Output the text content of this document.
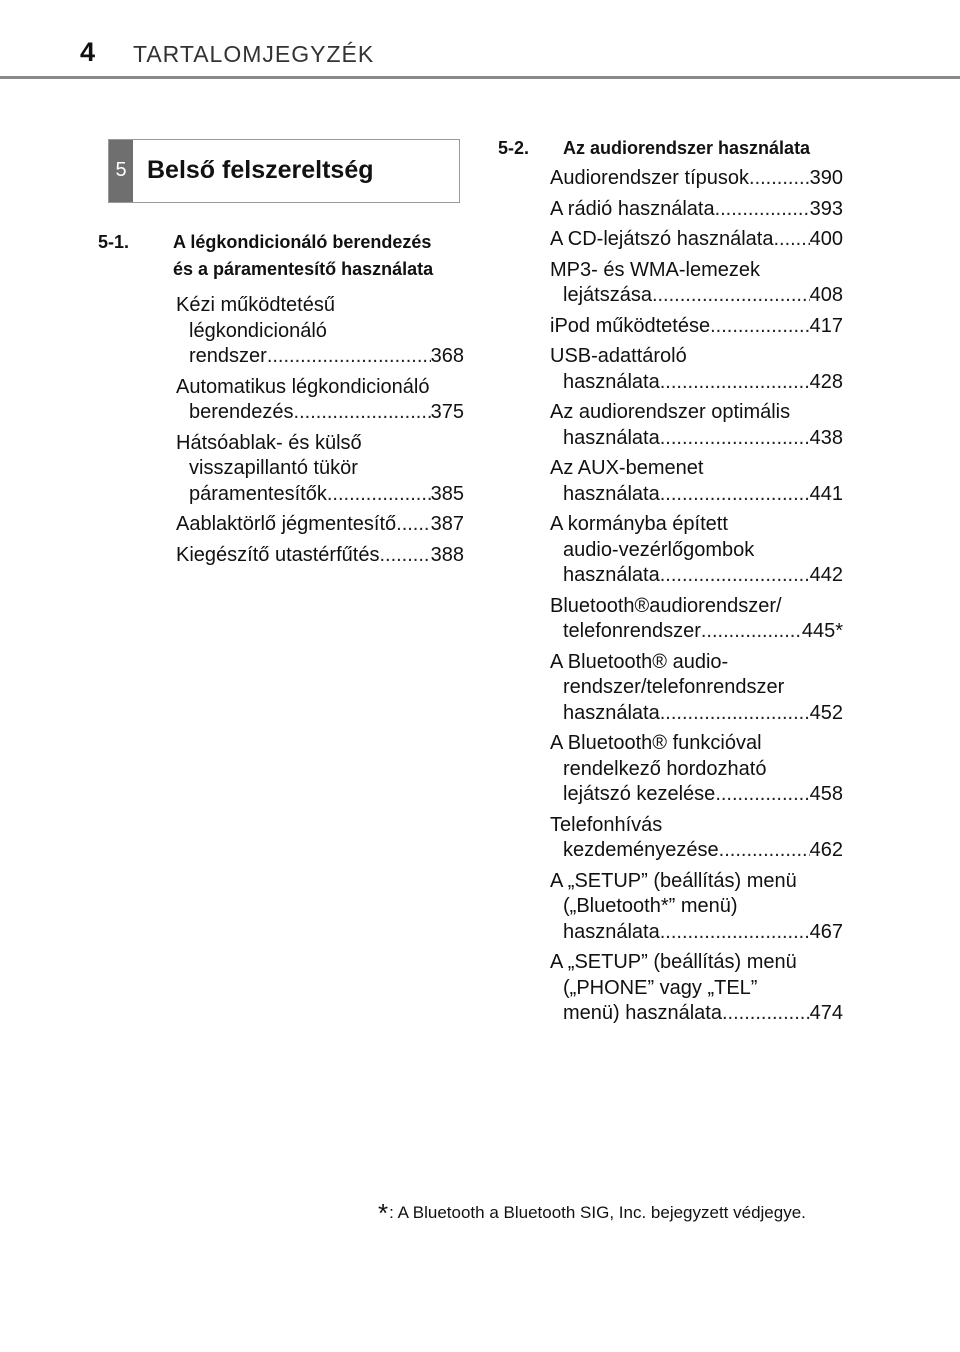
4 TARTALOMJEGYZÉK
5 Belső felszereltség
5-1.	A légkondicionáló berendezés
és a páramentesítő használata
Kézi működtetésű
légkondicionáló
rendszer .....	368
Automatikus légkondicionáló
berendezés .....	375
Hátsóablak- és külső
visszapillantó tükör
páramentesítők .....	385
Aablaktörlő jégmentesítő ..... 387
Kiegészítő utastérfűtés .....	388
5-2.	Az audiorendszer használata
Audiorendszer típusok .....	390
A rádió használata .....	393
A CD-lejátszó használata ..... 400
MP3- és WMA-lemezek
lejátszása .....	408
iPod működtetése .....	417
USB-adattároló
használata .....	428
Az audiorendszer optimális
használata .....	438
Az AUX-bemenet
használata .....	441
A kormányba épített
audio-vezérlőgombok
használata .....	442
Bluetooth®audiorendszer/
telefonrendszer .....	445*
A Bluetooth® audio-
rendszer/telefonrendszer
használata .....	452
A Bluetooth® funkcióval
rendelkező hordozható
lejátszó kezelése .....	458
Telefonhívás
kezdeményezése .....	462
A „SETUP” (beállítás) menü
(„Bluetooth*” menü)
használata .....	467
A „SETUP” (beállítás) menü
(„PHONE” vagy „TEL”
menü) használata .....	474
*: A Bluetooth a Bluetooth SIG, Inc. bejegyzett védjegye.
